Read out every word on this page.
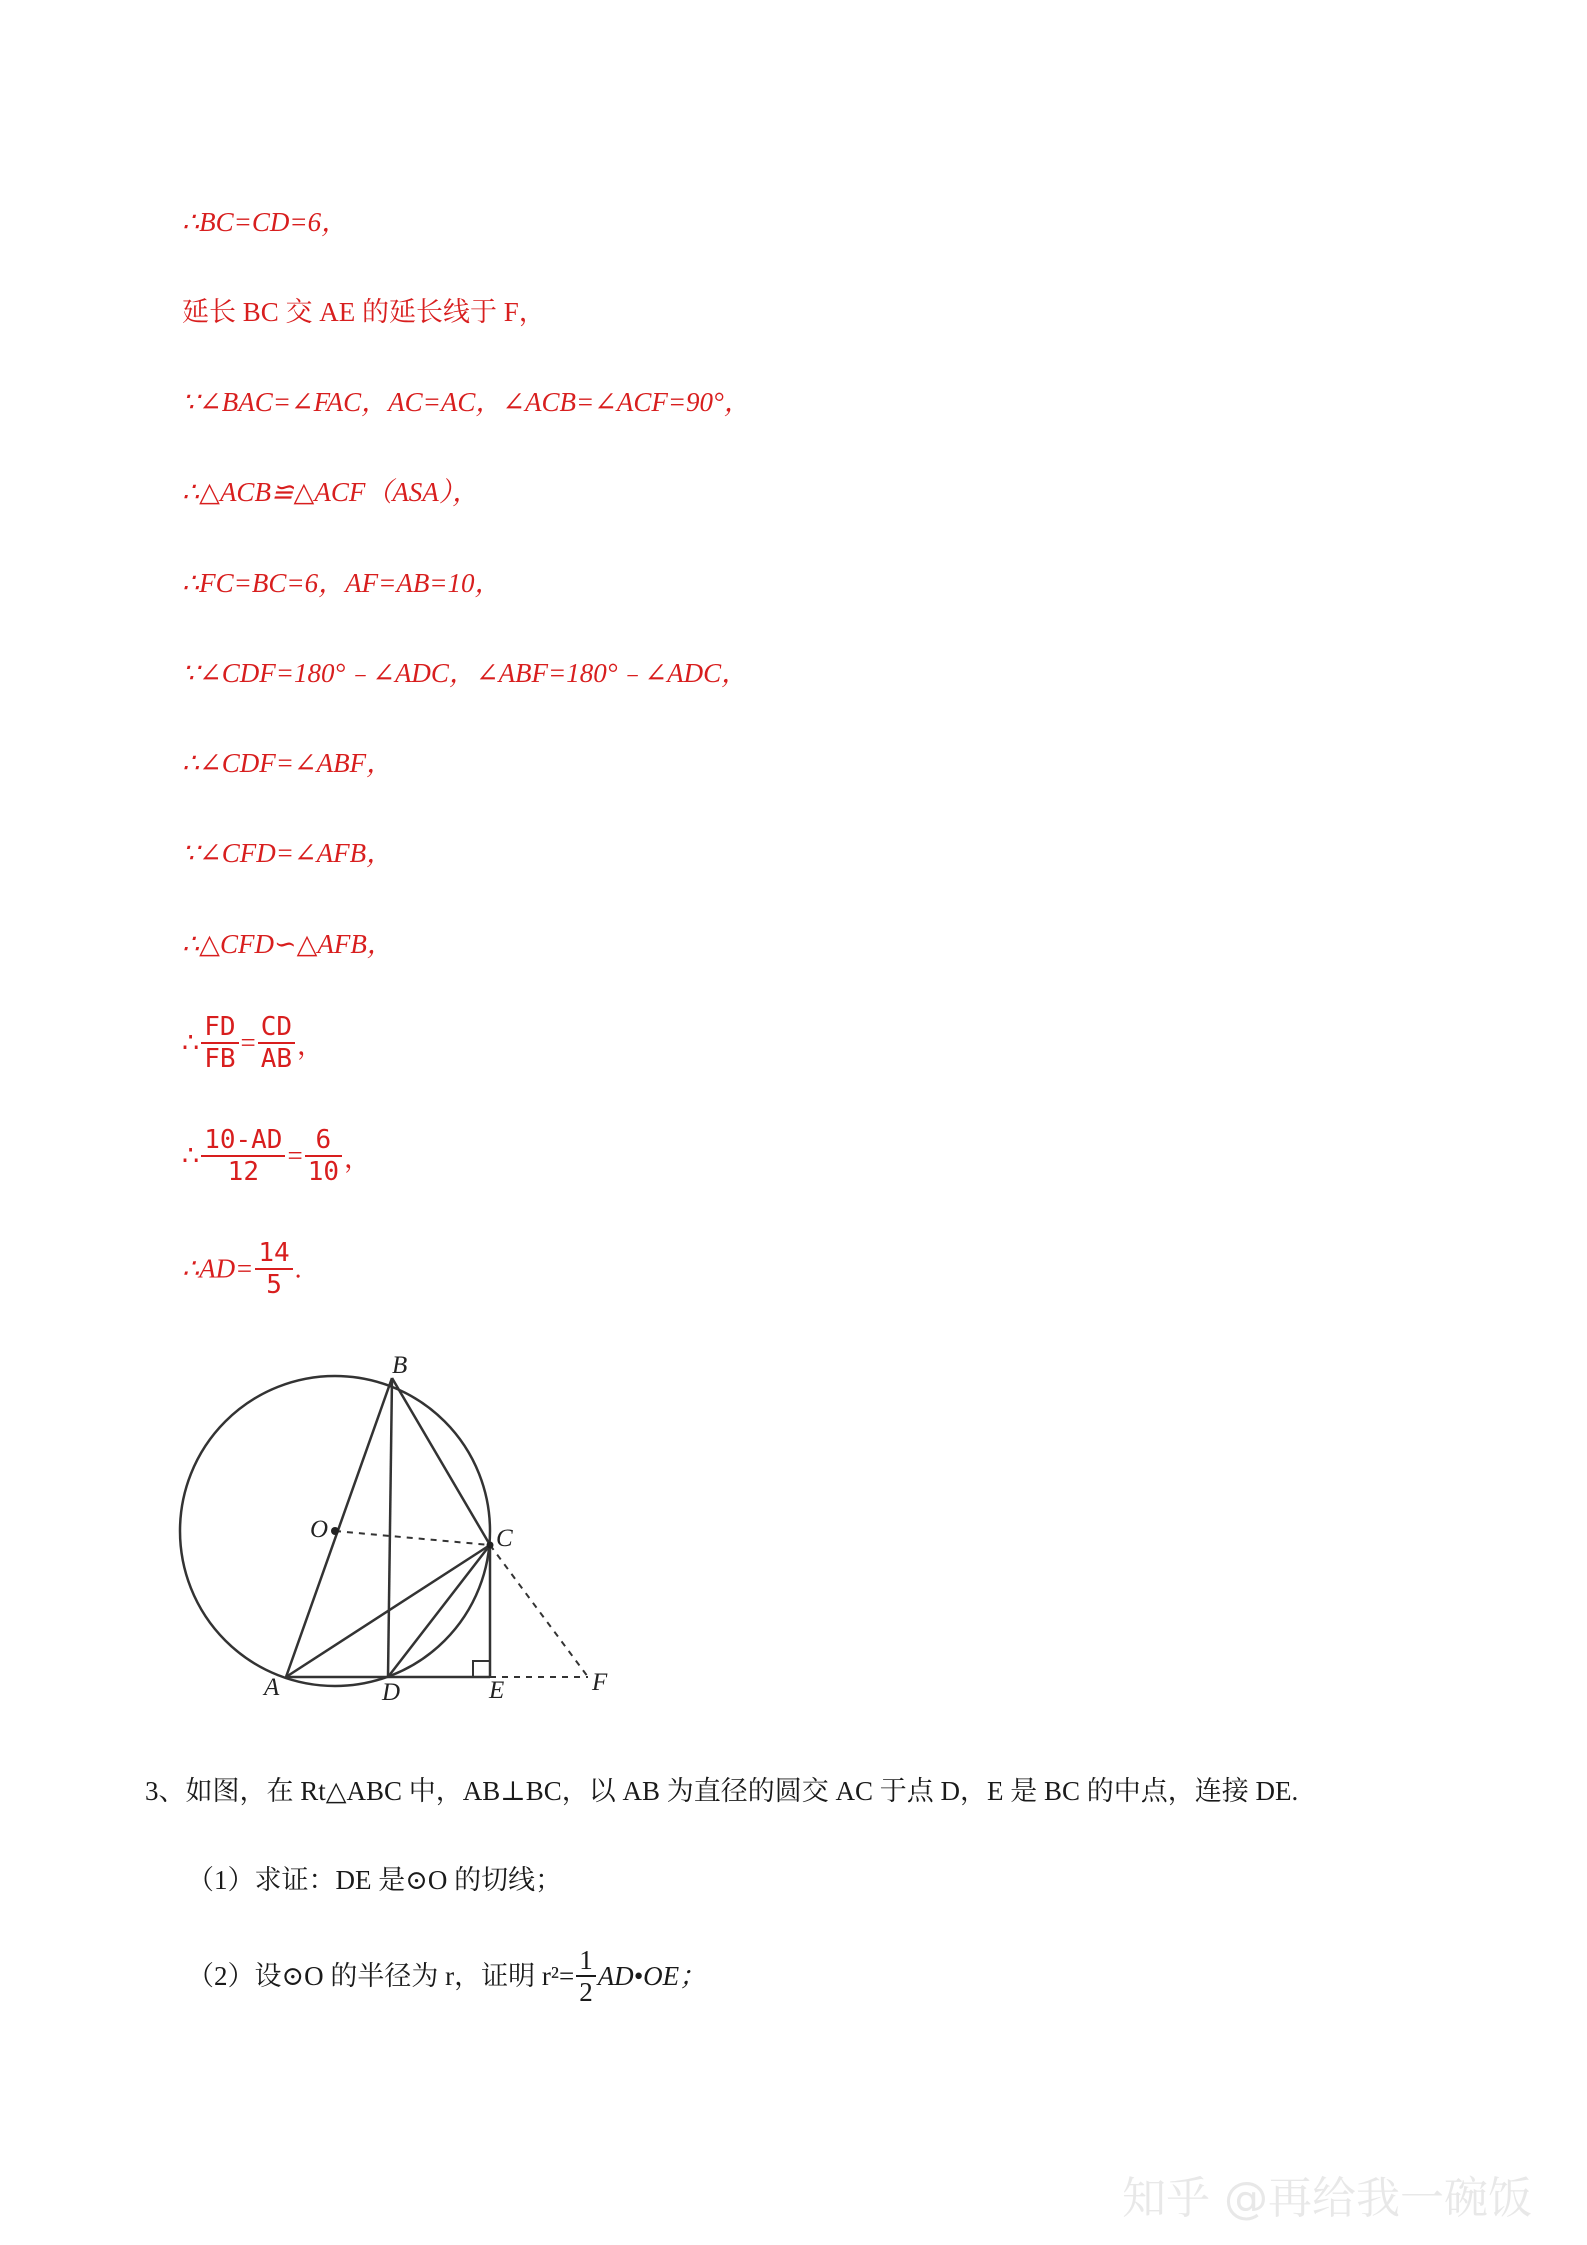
∴BC=CD=6，
延长 BC 交 AE 的延长线于 F，
∵∠BAC=∠FAC，AC=AC，∠ACB=∠ACF=90°，
∴△ACB≌△ACF（ASA），
∴FC=BC=6，AF=AB=10，
∵∠CDF=180°﹣∠ADC，∠ABF=180°﹣∠ADC，
∴∠CDF=∠ABF，
∵∠CFD=∠AFB，
∴△CFD∽△AFB，
∴ $\frac{FD}{FB} = \frac{CD}{AB}$ ，
∴ $\frac{10-AD}{12} = \frac{6}{10}$ ，
∴AD= $\frac{14}{5}$ .
B
O	C
A	D	E	F
3、如图，在 Rt△ABC 中，AB⊥BC，以 AB 为直径的圆交 AC 于点 D，E 是 BC 的中点，连接 DE.
（1）求证：DE 是⊙O 的切线；
（2）设⊙O 的半径为 r，证明 $r^2= \frac{1}{2}$ AD•OE；
知乎 @再给我一碗饭
